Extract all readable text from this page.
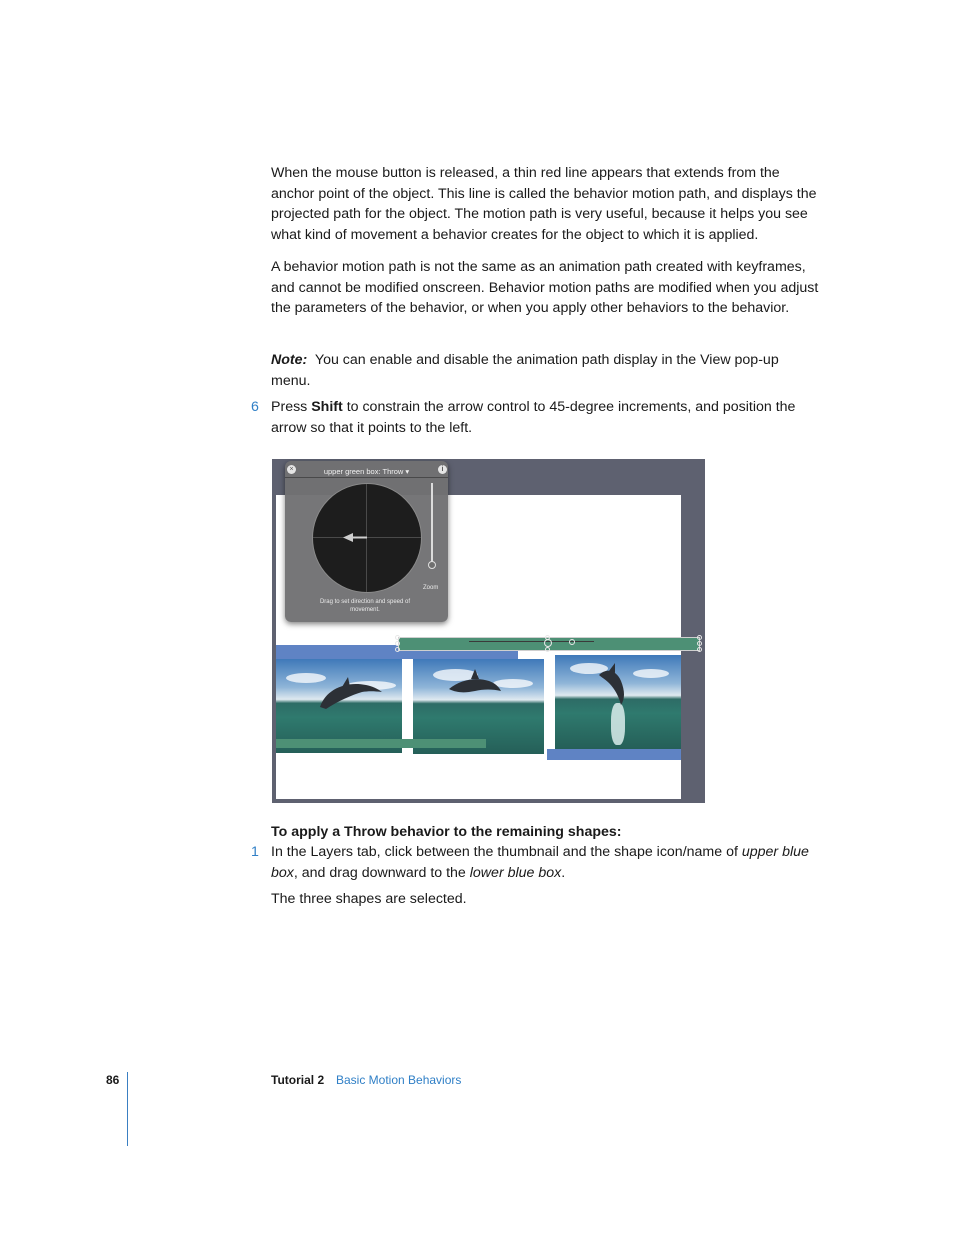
When the mouse button is released, a thin red line appears that extends from the anchor point of the object. This line is called the behavior motion path, and displays the projected path for the object. The motion path is very useful, because it helps you see what kind of movement a behavior creates for the object to which it is applied.

A behavior motion path is not the same as an animation path created with keyframes, and cannot be modified onscreen. Behavior motion paths are modified when you adjust the parameters of the behavior, or when you apply other behaviors to the behavior.

Note: You can enable and disable the animation path display in the View pop-up menu.

6 Press Shift to constrain the arrow control to 45-degree increments, and position the arrow so that it points to the left.

×	upper green box: Throw ▾	i
Zoom
Drag to set direction and speed of movement.

To apply a Throw behavior to the remaining shapes:

1 In the Layers tab, click between the thumbnail and the shape icon/name of upper blue box, and drag downward to the lower blue box.

The three shapes are selected.

86	Tutorial 2 Basic Motion Behaviors
